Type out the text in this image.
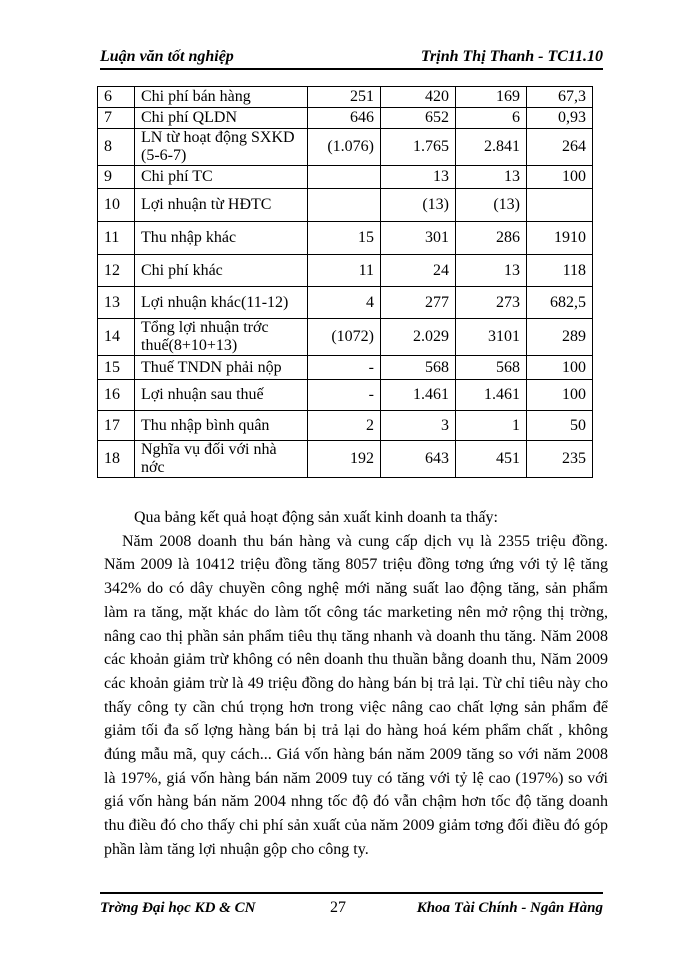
Luận văn tốt nghiệp	Trịnh Thị Thanh - TC11.10
6	Chi phí bán hàng	251	420	169	67,3
7	Chi phí QLDN	646	652	6	0,93
8	LN từ hoạt động SXKD (5-6-7)	(1.076)	1.765	2.841	264
9	Chi phí TC		13	13	100
10	Lợi nhuận từ HĐTC		(13)	(13)	
11	Thu nhập khác	15	301	286	1910
12	Chi phí khác	11	24	13	118
13	Lợi nhuận khác(11-12)	4	277	273	682,5
14	Tổng lợi nhuận trớc thuế(8+10+13)	(1072)	2.029	3101	289
15	Thuế TNDN phải nộp	-	568	568	100
16	Lợi nhuận sau thuế	-	1.461	1.461	100
17	Thu nhập bình quân	2	3	1	50
18	Nghĩa vụ đối với nhà nớc	192	643	451	235

Qua bảng kết quả hoạt động sản xuất kinh doanh ta thấy:

Năm 2008 doanh thu bán hàng và cung cấp dịch vụ là 2355 triệu đồng. Năm 2009 là 10412 triệu đồng tăng 8057 triệu đồng tơng ứng với tỷ lệ tăng 342% do có dây chuyền công nghệ mới năng suất lao động tăng, sản phẩm làm ra tăng, mặt khác do làm tốt công tác marketing nên mở rộng thị trờng, nâng cao thị phần sản phẩm tiêu thụ tăng nhanh và doanh thu tăng. Năm 2008 các khoản giảm trừ không có nên doanh thu thuần bằng doanh thu, Năm 2009 các khoản giảm trừ là 49 triệu đồng do hàng bán bị trả lại. Từ chỉ tiêu này cho thấy công ty cần chú trọng hơn trong việc nâng cao chất lợng sản phẩm để giảm tối đa số lợng hàng bán bị trả lại do hàng hoá kém phẩm chất , không đúng mẫu mã, quy cách... Giá vốn hàng bán năm 2009 tăng so với năm 2008 là 197%, giá vốn hàng bán năm 2009 tuy có tăng với tỷ lệ cao (197%) so với giá vốn hàng bán năm 2004 nhng tốc độ đó vẫn chậm hơn tốc độ tăng doanh thu điều đó cho thấy chi phí sản xuất của năm 2009 giảm tơng đối điều đó góp phần làm tăng lợi nhuận gộp cho công ty.

Trờng Đại học KD & CN	27	Khoa Tài Chính - Ngân Hàng
